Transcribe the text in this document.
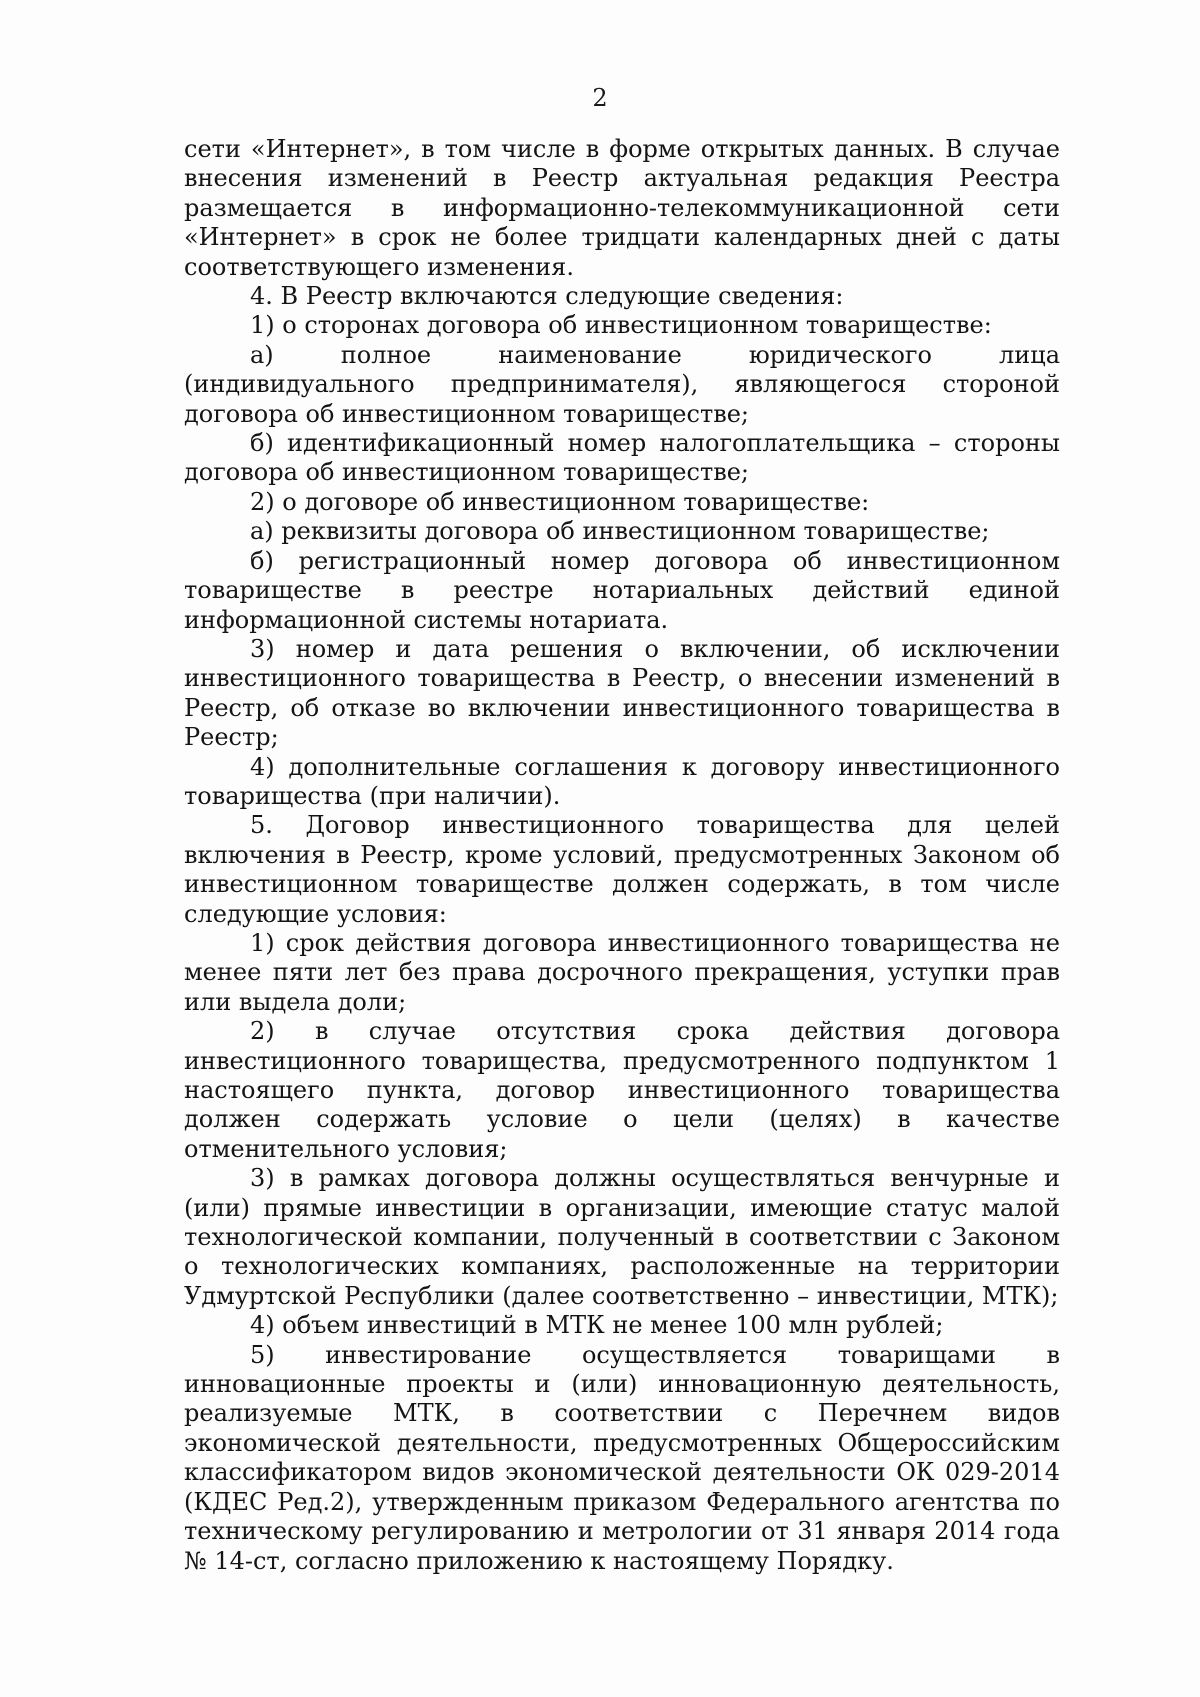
2

сети «Интернет», в том числе в форме открытых данных. В случае внесения изменений в Реестр актуальная редакция Реестра размещается в информационно-телекоммуникационной сети «Интернет» в срок не более тридцати календарных дней с даты соответствующего изменения.

4. В Реестр включаются следующие сведения:

1) о сторонах договора об инвестиционном товариществе:

а) полное наименование юридического лица (индивидуального предпринимателя), являющегося стороной договора об инвестиционном товариществе;

б) идентификационный номер налогоплательщика – стороны договора об инвестиционном товариществе;

2) о договоре об инвестиционном товариществе:

а) реквизиты договора об инвестиционном товариществе;

б) регистрационный номер договора об инвестиционном товариществе в реестре нотариальных действий единой информационной системы нотариата.

3) номер и дата решения о включении, об исключении инвестиционного товарищества в Реестр, о внесении изменений в Реестр, об отказе во включении инвестиционного товарищества в Реестр;

4) дополнительные соглашения к договору инвестиционного товарищества (при наличии).

5. Договор инвестиционного товарищества для целей включения в Реестр, кроме условий, предусмотренных Законом об инвестиционном товариществе должен содержать, в том числе следующие условия:

1) срок действия договора инвестиционного товарищества не менее пяти лет без права досрочного прекращения, уступки прав или выдела доли;

2) в случае отсутствия срока действия договора инвестиционного товарищества, предусмотренного подпунктом 1 настоящего пункта, договор инвестиционного товарищества должен содержать условие о цели (целях) в качестве отменительного условия;

3) в рамках договора должны осуществляться венчурные и (или) прямые инвестиции в организации, имеющие статус малой технологической компании, полученный в соответствии с Законом о технологических компаниях, расположенные на территории Удмуртской Республики (далее соответственно – инвестиции, МТК);

4) объем инвестиций в МТК не менее 100 млн рублей;

5) инвестирование осуществляется товарищами в инновационные проекты и (или) инновационную деятельность, реализуемые МТК, в соответствии с Перечнем видов экономической деятельности, предусмотренных Общероссийским классификатором видов экономической деятельности ОК 029-2014 (КДЕС Ред.2), утвержденным приказом Федерального агентства по техническому регулированию и метрологии от 31 января 2014 года № 14-ст, согласно приложению к настоящему Порядку.
